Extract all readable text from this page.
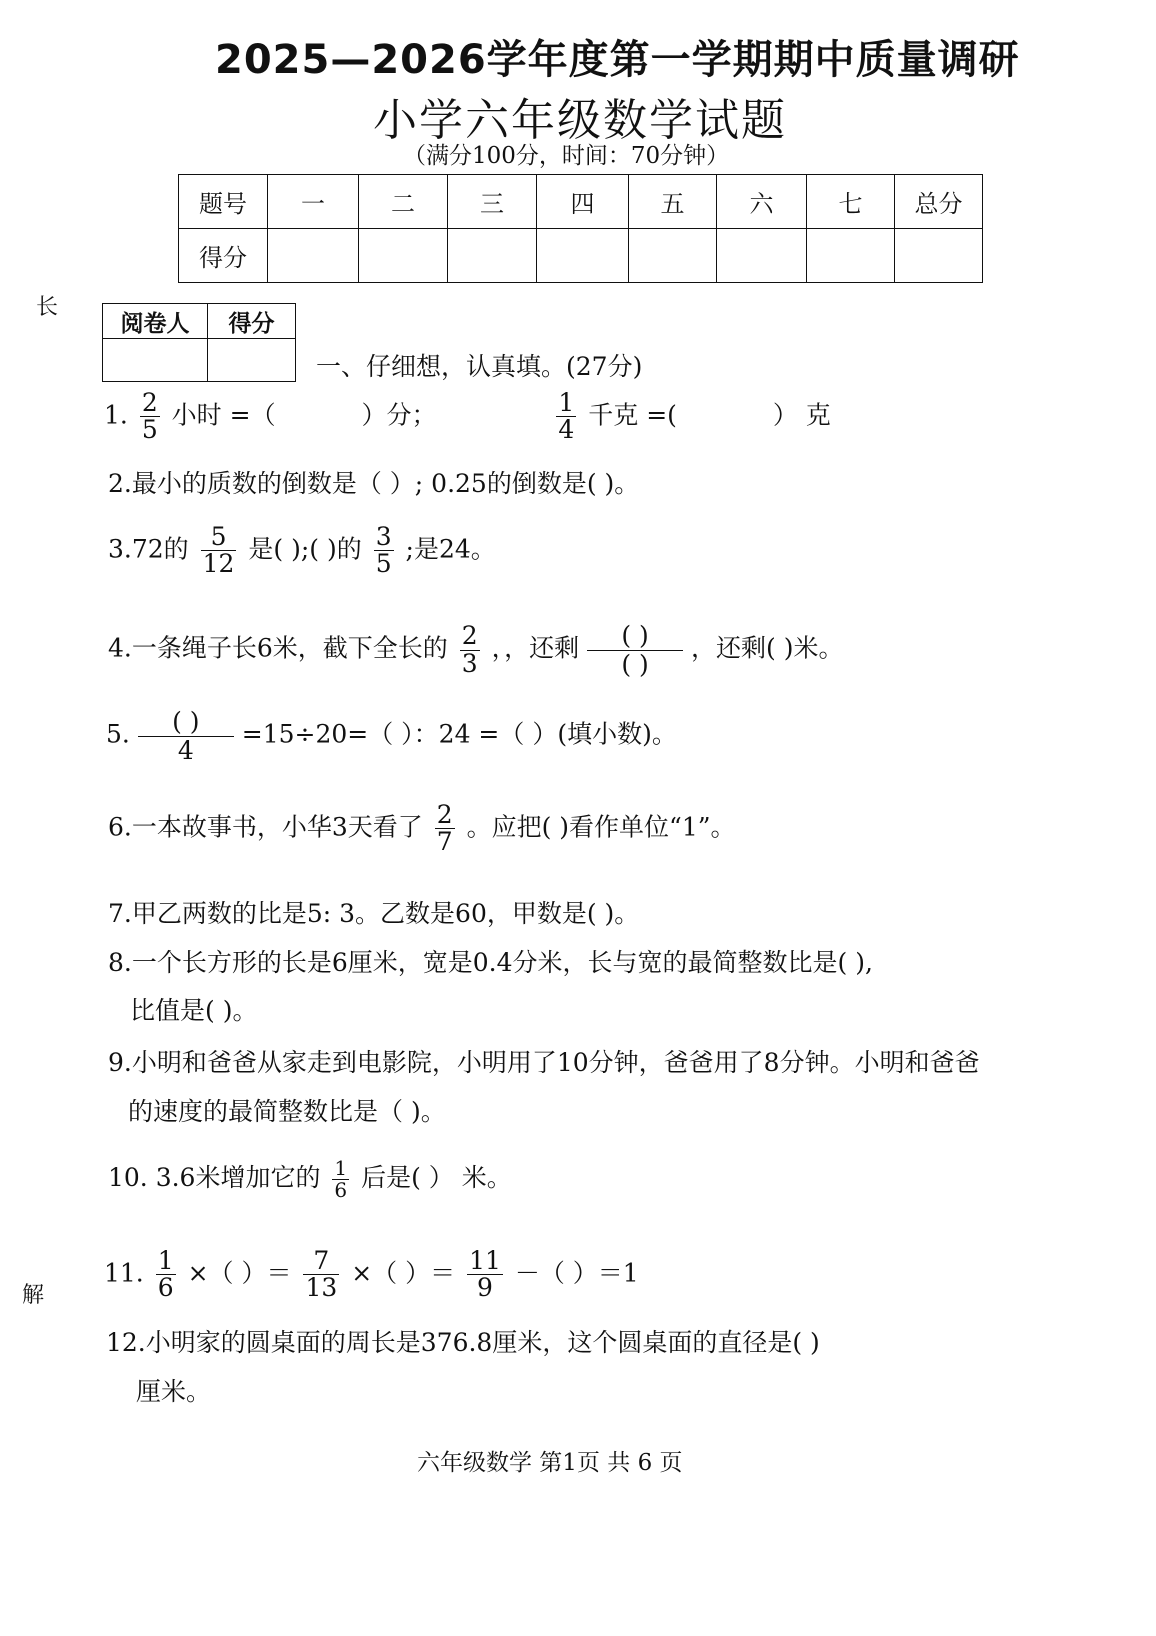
2025—2026学年度第一学期期中质量调研
小学六年级数学试题
（满分100分，时间：70分钟）
题号	一	二	三	四	五	六	七	总分
得分								
长
解
阅卷人	得分

一、仔细想，认真填。(27分)
1. $\frac{2}{5}$ 小时 =（	）分；	$\frac{1}{4}$ 千克 =(	） 克
2.最小的质数的倒数是（ ）; 0.25的倒数是( )。
3.72的 $\frac{5}{12}$ 是( );( )的 $\frac{3}{5}$ ;是24。
4.一条绳子长6米，截下全长的 $\frac{2}{3}$ ，，还剩	( )
( )
，还剩( )米。
5.	( )
4
=15÷20=（ ）：24 =（ ）(填小数)。
6.一本故事书，小华3天看了 $\frac{2}{7}$ 。应把( )看作单位“1”。
7.甲乙两数的比是5: 3。乙数是60，甲数是( )。
8.一个长方形的长是6厘米，宽是0.4分米，长与宽的最简整数比是( ),
比值是( )。
9.小明和爸爸从家走到电影院，小明用了10分钟，爸爸用了8分钟。小明和爸爸
的速度的最简整数比是（ )。
10. 3.6米增加它的 $\frac{1}{6}$ 后是( ） 米。
11. $\frac{1}{6}$ ×（ ）＝ $\frac{7}{13}$ ×（ ）＝ $\frac{11}{9}$ －（ ）＝1
12.小明家的圆桌面的周长是376.8厘米，这个圆桌面的直径是( )
厘米。
六年级数学 第1页 共 6 页
